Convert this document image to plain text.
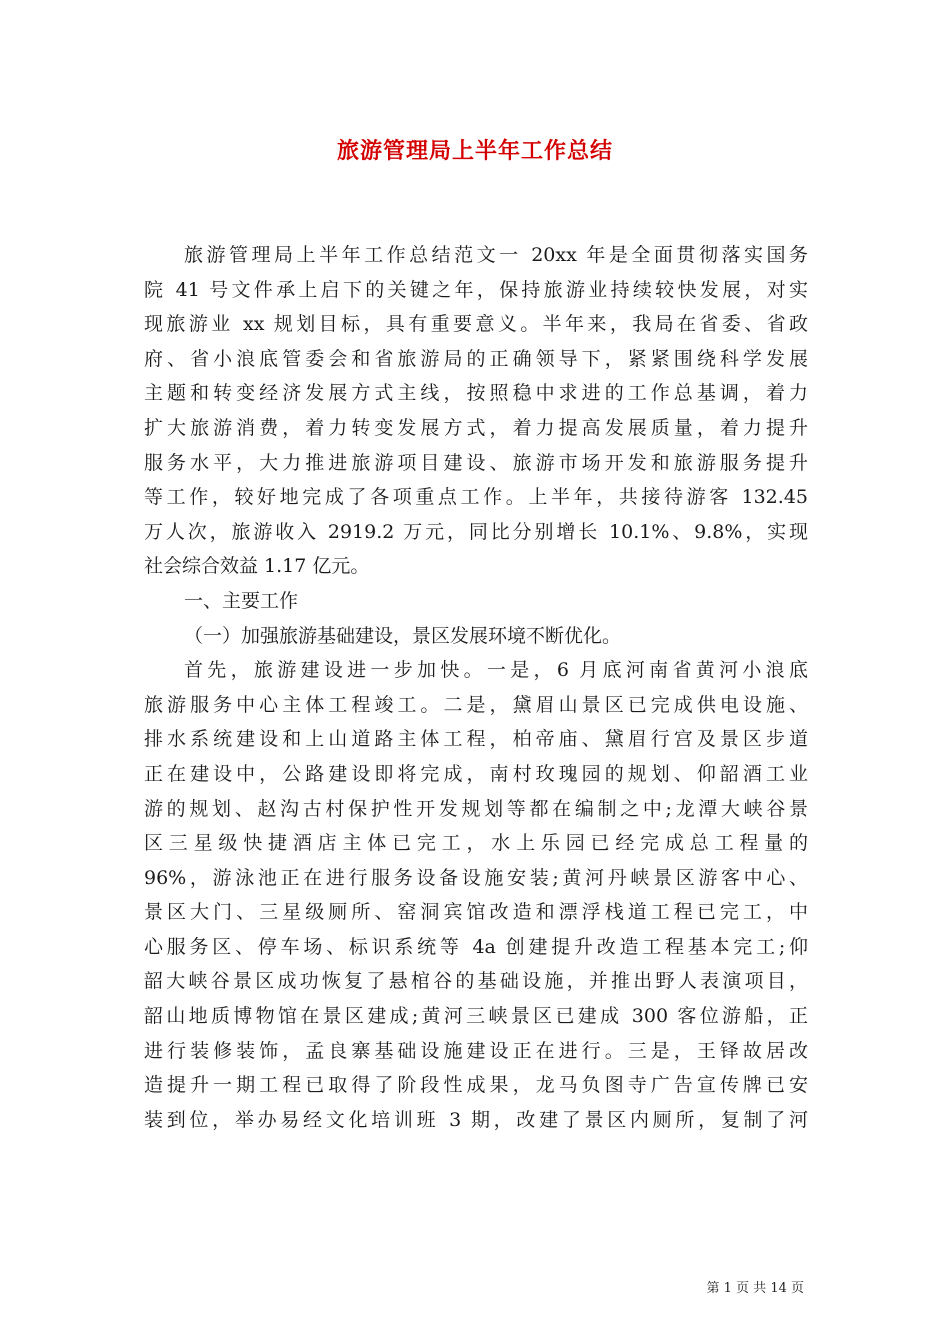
旅游管理局上半年工作总结
旅游管理局上半年工作总结范文一 20xx 年是全面贯彻落实国务
院 41 号文件承上启下的关键之年，保持旅游业持续较快发展，对实
现旅游业 xx 规划目标，具有重要意义。半年来，我局在省委、省政
府、省小浪底管委会和省旅游局的正确领导下，紧紧围绕科学发展
主题和转变经济发展方式主线，按照稳中求进的工作总基调，着力
扩大旅游消费，着力转变发展方式，着力提高发展质量，着力提升
服务水平，大力推进旅游项目建设、旅游市场开发和旅游服务提升
等工作，较好地完成了各项重点工作。上半年，共接待游客 132.45
万人次，旅游收入 2919.2 万元，同比分别增长 10.1%、9.8%，实现
社会综合效益 1.17 亿元。
一、主要工作
（一）加强旅游基础建设，景区发展环境不断优化。
首先，旅游建设进一步加快。一是，6 月底河南省黄河小浪底
旅游服务中心主体工程竣工。二是，黛眉山景区已完成供电设施、
排水系统建设和上山道路主体工程，柏帝庙、黛眉行宫及景区步道
正在建设中，公路建设即将完成，南村玫瑰园的规划、仰韶酒工业
游的规划、赵沟古村保护性开发规划等都在编制之中;龙潭大峡谷景
区三星级快捷酒店主体已完工，水上乐园已经完成总工程量的
96%，游泳池正在进行服务设备设施安装;黄河丹峡景区游客中心、
景区大门、三星级厕所、窑洞宾馆改造和漂浮栈道工程已完工，中
心服务区、停车场、标识系统等 4a 创建提升改造工程基本完工;仰
韶大峡谷景区成功恢复了悬棺谷的基础设施，并推出野人表演项目，
韶山地质博物馆在景区建成;黄河三峡景区已建成 300 客位游船，正
进行装修装饰，孟良寨基础设施建设正在进行。三是，王铎故居改
造提升一期工程已取得了阶段性成果，龙马负图寺广告宣传牌已安
装到位，举办易经文化培训班 3 期，改建了景区内厕所，复制了河
第 1 页 共 14 页
